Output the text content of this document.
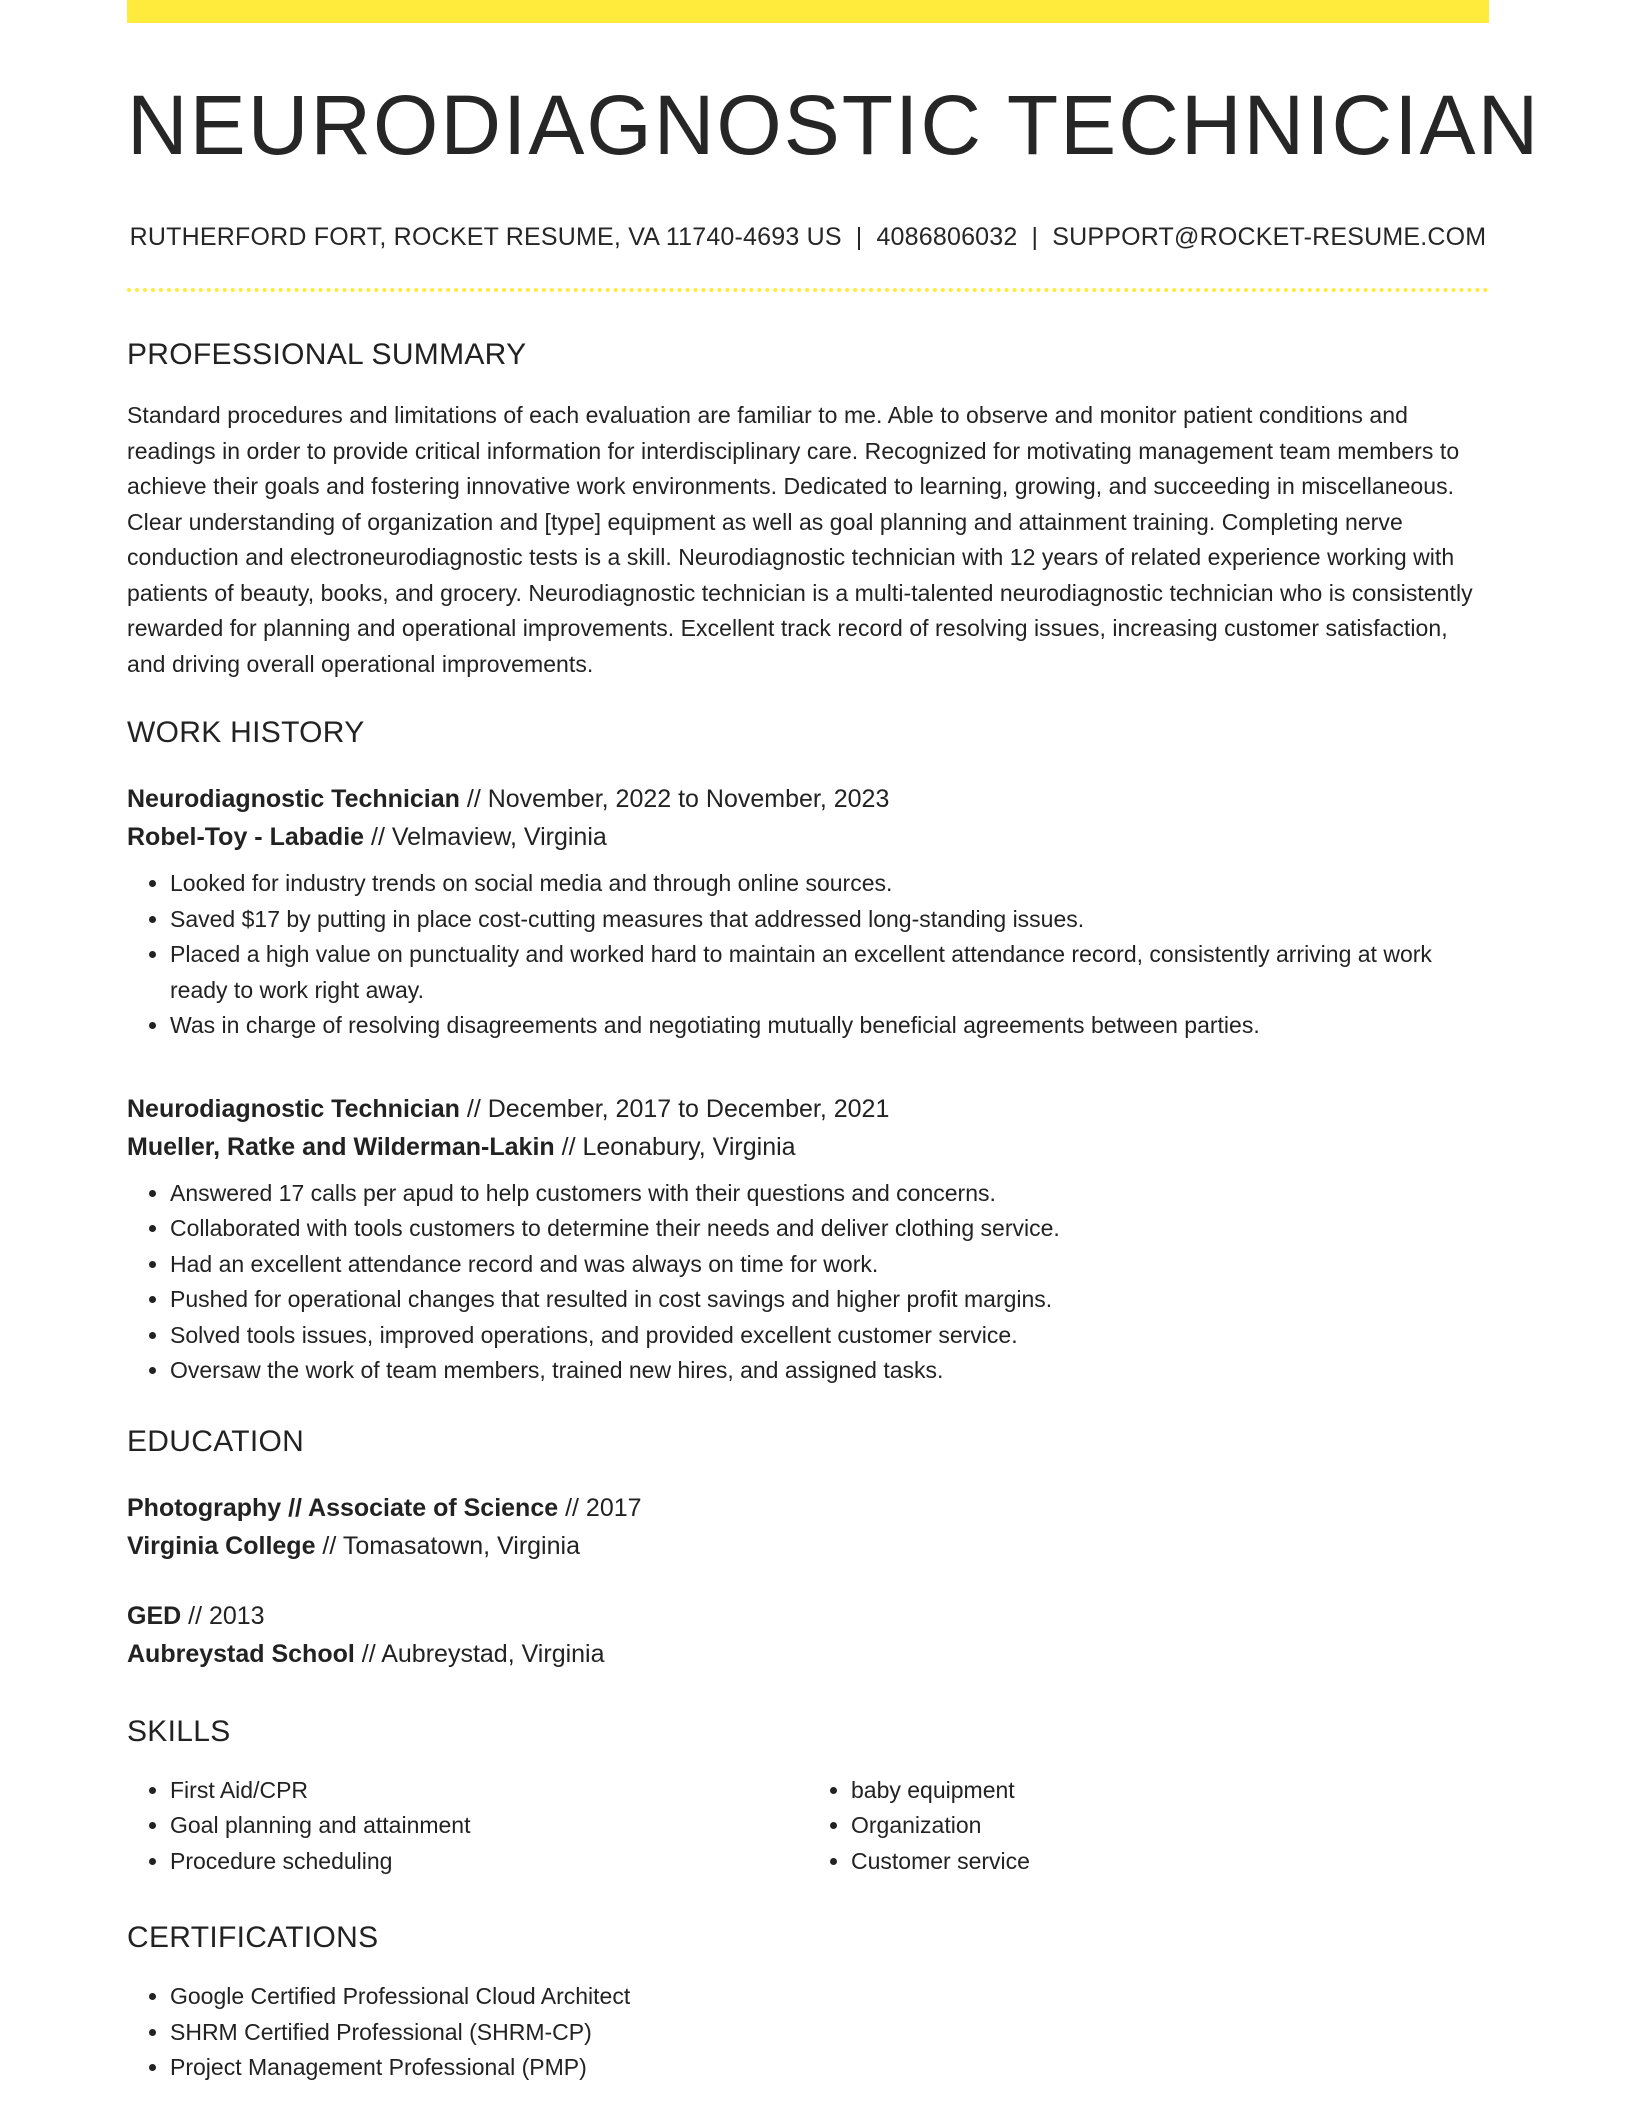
NEURODIAGNOSTIC TECHNICIAN
RUTHERFORD FORT, ROCKET RESUME, VA 11740-4693 US | 4086806032 | SUPPORT@ROCKET-RESUME.COM
PROFESSIONAL SUMMARY

Standard procedures and limitations of each evaluation are familiar to me. Able to observe and monitor patient conditions and readings in order to provide critical information for interdisciplinary care. Recognized for motivating management team members to achieve their goals and fostering innovative work environments. Dedicated to learning, growing, and succeeding in miscellaneous. Clear understanding of organization and [type] equipment as well as goal planning and attainment training. Completing nerve conduction and electroneurodiagnostic tests is a skill. Neurodiagnostic technician with 12 years of related experience working with patients of beauty, books, and grocery. Neurodiagnostic technician is a multi-talented neurodiagnostic technician who is consistently rewarded for planning and operational improvements. Excellent track record of resolving issues, increasing customer satisfaction, and driving overall operational improvements.

WORK HISTORY
Neurodiagnostic Technician // November, 2022 to November, 2023
Robel-Toy - Labadie // Velmaview, Virginia
• Looked for industry trends on social media and through online sources.
• Saved $17 by putting in place cost-cutting measures that addressed long-standing issues.
• Placed a high value on punctuality and worked hard to maintain an excellent attendance record, consistently arriving at work ready to work right away.
• Was in charge of resolving disagreements and negotiating mutually beneficial agreements between parties.
Neurodiagnostic Technician // December, 2017 to December, 2021
Mueller, Ratke and Wilderman-Lakin // Leonabury, Virginia
• Answered 17 calls per apud to help customers with their questions and concerns.
• Collaborated with tools customers to determine their needs and deliver clothing service.
• Had an excellent attendance record and was always on time for work.
• Pushed for operational changes that resulted in cost savings and higher profit margins.
• Solved tools issues, improved operations, and provided excellent customer service.
• Oversaw the work of team members, trained new hires, and assigned tasks.
EDUCATION
Photography // Associate of Science // 2017
Virginia College // Tomasatown, Virginia
GED // 2013
Aubreystad School // Aubreystad, Virginia
SKILLS
• First Aid/CPR
• Goal planning and attainment
• Procedure scheduling
• baby equipment
• Organization
• Customer service
CERTIFICATIONS
• Google Certified Professional Cloud Architect
• SHRM Certified Professional (SHRM-CP)
• Project Management Professional (PMP)
